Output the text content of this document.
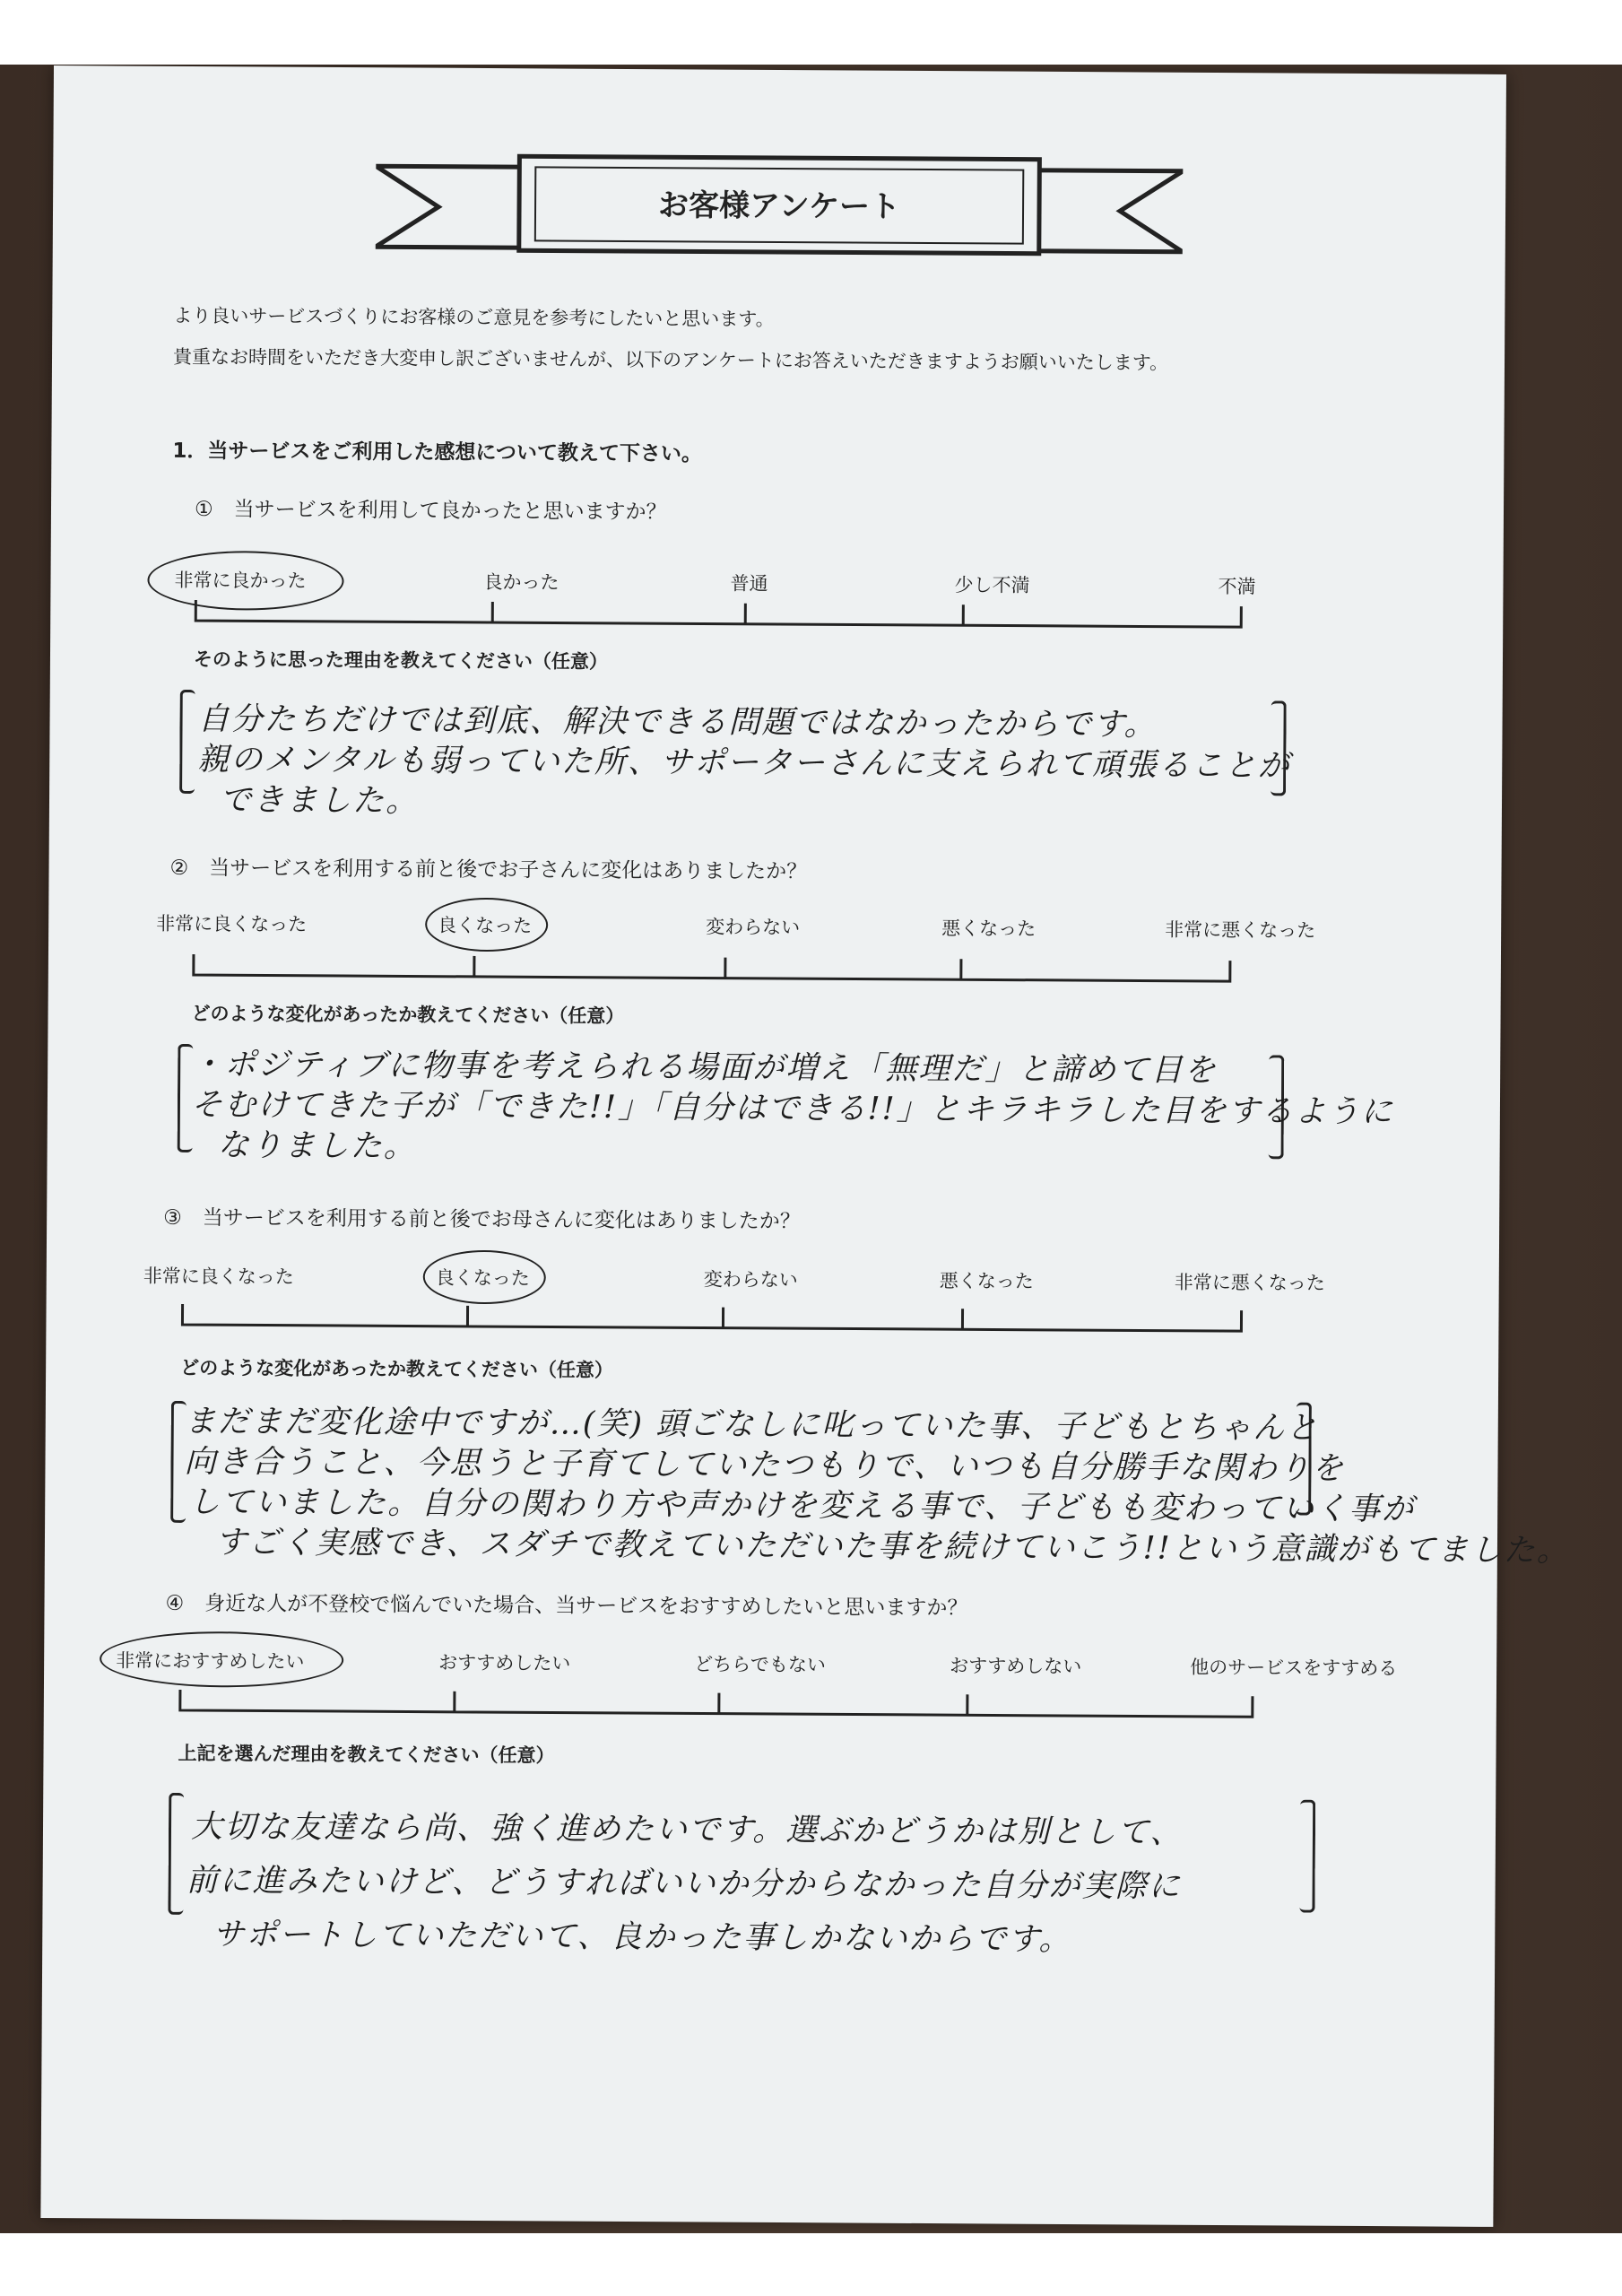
お客様アンケート
より良いサービスづくりにお客様のご意見を参考にしたいと思います。
貴重なお時間をいただき大変申し訳ございませんが、以下のアンケートにお答えいただきますようお願いいたします。
1．当サービスをご利用した感想について教えて下さい。
①　当サービスを利用して良かったと思いますか？
非常に良かった	良かった	普通	少し不満	不満
そのように思った理由を教えてください（任意）
自分たちだけでは到底、解決できる問題ではなかったからです。
親のメンタルも弱っていた所、サポーターさんに支えられて頑張ることが
できました。
②　当サービスを利用する前と後でお子さんに変化はありましたか？
非常に良くなった	良くなった	変わらない	悪くなった	非常に悪くなった
どのような変化があったか教えてください（任意）
・ポジティブに物事を考えられる場面が増え「無理だ」と諦めて目を
そむけてきた子が「できた!!」「自分はできる!!」とキラキラした目をするように
なりました。
③　当サービスを利用する前と後でお母さんに変化はありましたか？
非常に良くなった	良くなった	変わらない	悪くなった	非常に悪くなった
どのような変化があったか教えてください（任意）
まだまだ変化途中ですが…(笑) 頭ごなしに叱っていた事、子どもとちゃんと
向き合うこと、今思うと子育てしていたつもりで、いつも自分勝手な関わりを
していました。自分の関わり方や声かけを変える事で、子どもも変わっていく事が
すごく実感でき、スダチで教えていただいた事を続けていこう!!という意識がもてました。
④　身近な人が不登校で悩んでいた場合、当サービスをおすすめしたいと思いますか？
非常におすすめしたい	おすすめしたい	どちらでもない	おすすめしない	他のサービスをすすめる
上記を選んだ理由を教えてください（任意）
大切な友達なら尚、強く進めたいです。選ぶかどうかは別として、
前に進みたいけど、どうすればいいか分からなかった自分が実際に
サポートしていただいて、良かった事しかないからです。
